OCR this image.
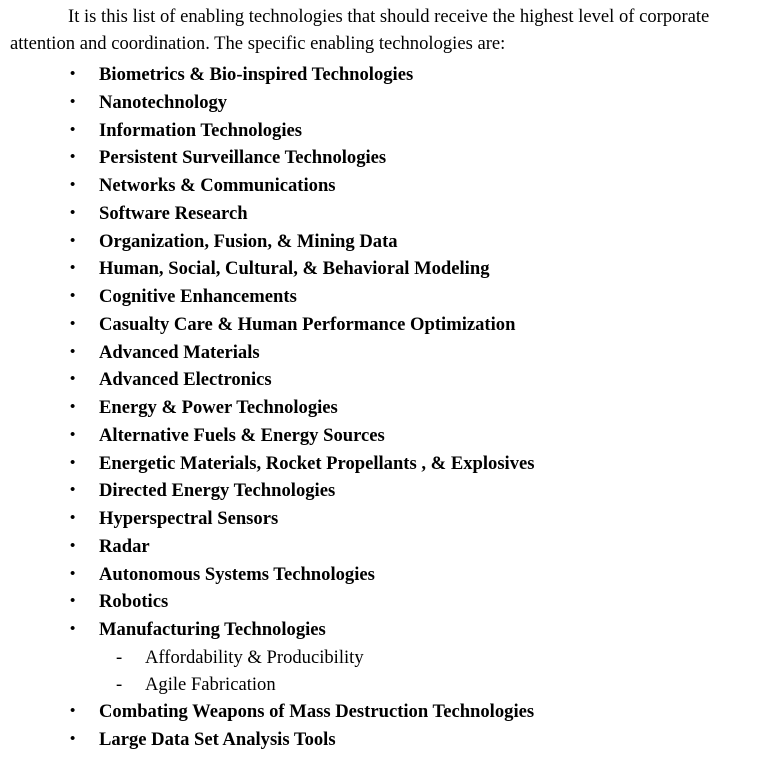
It is this list of enabling technologies that should receive the highest level of corporate attention and coordination. The specific enabling technologies are:

• Biometrics & Bio-inspired Technologies
• Nanotechnology
• Information Technologies
• Persistent Surveillance Technologies
• Networks & Communications
• Software Research
• Organization, Fusion, & Mining Data
• Human, Social, Cultural, & Behavioral Modeling
• Cognitive Enhancements
• Casualty Care & Human Performance Optimization
• Advanced Materials
• Advanced Electronics
• Energy & Power Technologies
• Alternative Fuels & Energy Sources
• Energetic Materials, Rocket Propellants , & Explosives
• Directed Energy Technologies
• Hyperspectral Sensors
• Radar
• Autonomous Systems Technologies
• Robotics
• Manufacturing Technologies
- Affordability & Producibility
- Agile Fabrication
• Combating Weapons of Mass Destruction Technologies
• Large Data Set Analysis Tools
